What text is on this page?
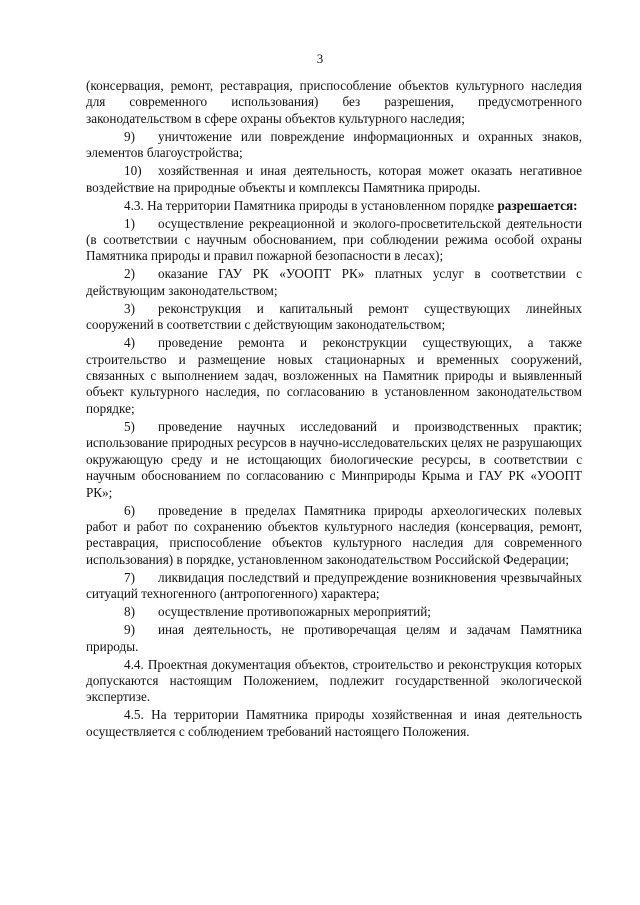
3

(консервация, ремонт, реставрация, приспособление объектов культурного наследия для современного использования) без разрешения, предусмотренного законодательством в сфере охраны объектов культурного наследия;

9) уничтожение или повреждение информационных и охранных знаков, элементов благоустройства;

10) хозяйственная и иная деятельность, которая может оказать негативное воздействие на природные объекты и комплексы Памятника природы.

4.3. На территории Памятника природы в установленном порядке разрешается:

1) осуществление рекреационной и эколого-просветительской деятельности (в соответствии с научным обоснованием, при соблюдении режима особой охраны Памятника природы и правил пожарной безопасности в лесах);

2) оказание ГАУ РК «УООПТ РК» платных услуг в соответствии с действующим законодательством;

3) реконструкция и капитальный ремонт существующих линейных сооружений в соответствии с действующим законодательством;

4) проведение ремонта и реконструкции существующих, а также строительство и размещение новых стационарных и временных сооружений, связанных с выполнением задач, возложенных на Памятник природы и выявленный объект культурного наследия, по согласованию в установленном законодательством порядке;

5) проведение научных исследований и производственных практик; использование природных ресурсов в научно-исследовательских целях не разрушающих окружающую среду и не истощающих биологические ресурсы, в соответствии с научным обоснованием по согласованию с Минприроды Крыма и ГАУ РК «УООПТ РК»;

6) проведение в пределах Памятника природы археологических полевых работ и работ по сохранению объектов культурного наследия (консервация, ремонт, реставрация, приспособление объектов культурного наследия для современного использования) в порядке, установленном законодательством Российской Федерации;

7) ликвидация последствий и предупреждение возникновения чрезвычайных ситуаций техногенного (антропогенного) характера;

8) осуществление противопожарных мероприятий;

9) иная деятельность, не противоречащая целям и задачам Памятника природы.

4.4. Проектная документация объектов, строительство и реконструкция которых допускаются настоящим Положением, подлежит государственной экологической экспертизе.

4.5. На территории Памятника природы хозяйственная и иная деятельность осуществляется с соблюдением требований настоящего Положения.
